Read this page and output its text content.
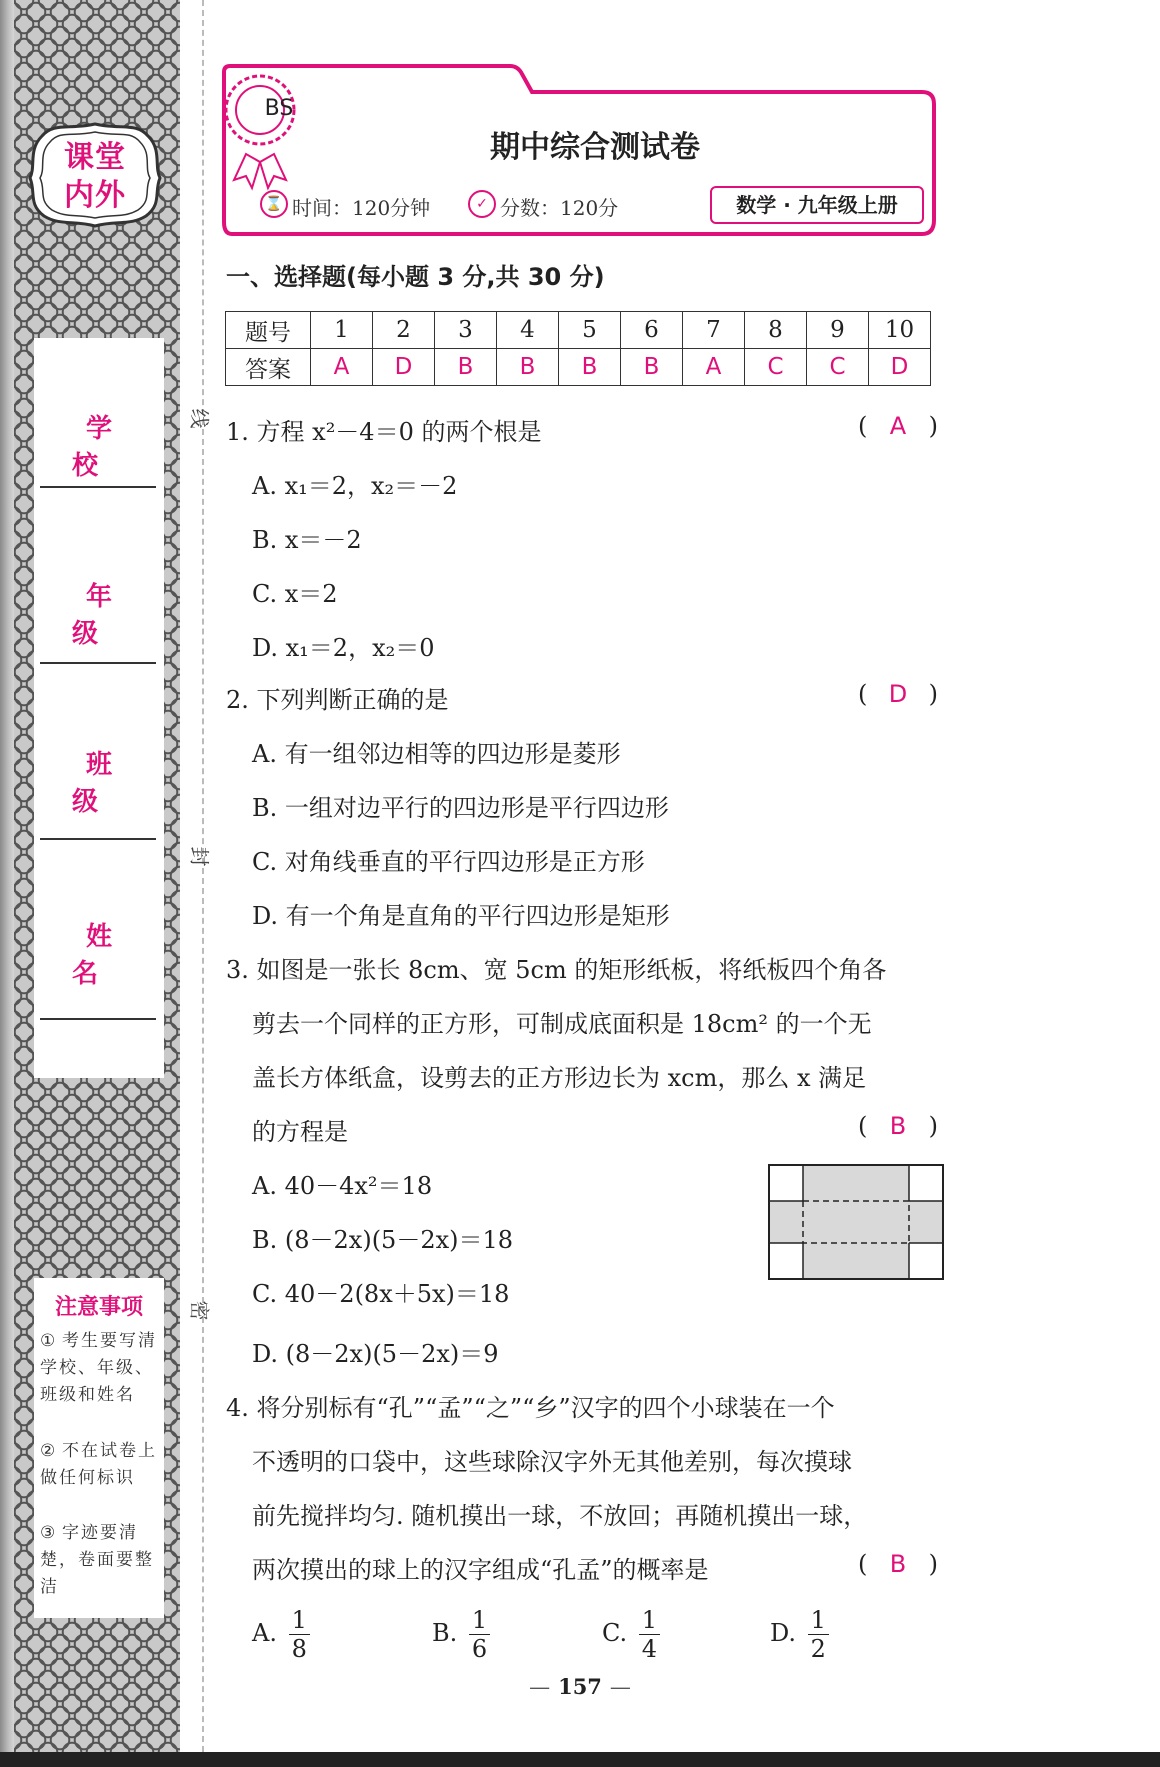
课堂
内外
学校
年级
班级
姓名
注意事项
① 考生要写清学校、年级、班级和姓名
② 不在试卷上做任何标识
③ 字迹要清楚，卷面要整洁
线
封
密
BS
期中综合测试卷
⌛ 时间：120分钟	✓ 分数：120分	数学 · 九年级上册
一、选择题(每小题 3 分,共 30 分)
题号	1	2	3	4	5	6	7	8	9	10
答案	A	D	B	B	B	B	A	C	C	D
1. 方程 x²－4＝0 的两个根是	( A )
A. x₁＝2，x₂＝－2
B. x＝－2
C. x＝2
D. x₁＝2，x₂＝0
2. 下列判断正确的是	( D )
A. 有一组邻边相等的四边形是菱形
B. 一组对边平行的四边形是平行四边形
C. 对角线垂直的平行四边形是正方形
D. 有一个角是直角的平行四边形是矩形
3. 如图是一张长 8cm、宽 5cm 的矩形纸板，将纸板四个角各
剪去一个同样的正方形，可制成底面积是 18cm² 的一个无
盖长方体纸盒，设剪去的正方形边长为 xcm，那么 x 满足
的方程是	( B )
A. 40－4x²＝18
B. (8－2x)(5－2x)＝18
C. 40－2(8x＋5x)＝18
D. (8－2x)(5－2x)＝9
4. 将分别标有“孔”“孟”“之”“乡”汉字的四个小球装在一个
不透明的口袋中，这些球除汉字外无其他差别，每次摸球
前先搅拌均匀. 随机摸出一球，不放回；再随机摸出一球，
两次摸出的球上的汉字组成“孔孟”的概率是	( B )
A. $\frac{1}{8}$	B. $\frac{1}{6}$	C. $\frac{1}{4}$	D. $\frac{1}{2}$
— 157 —
